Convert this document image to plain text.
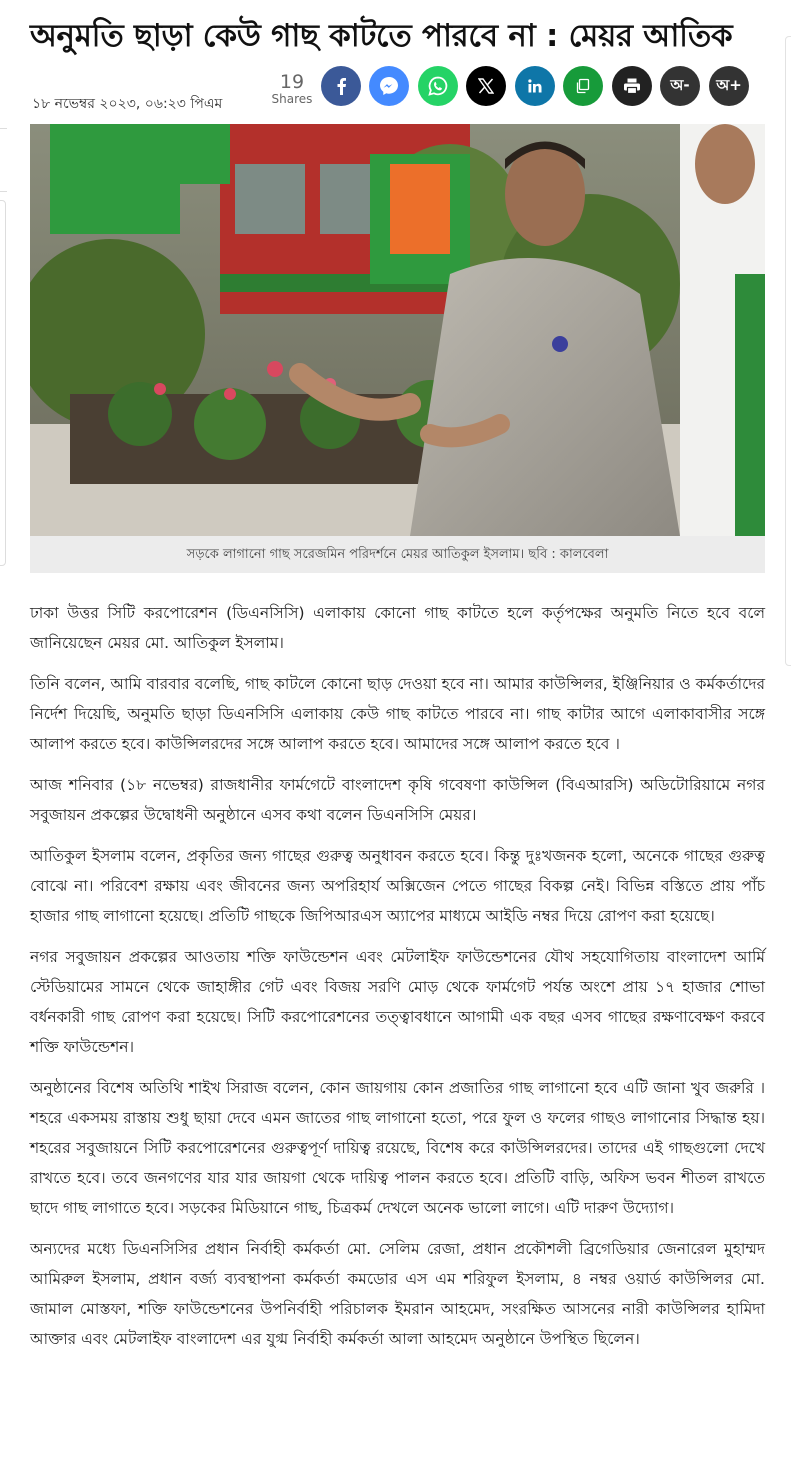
অনুমতি ছাড়া কেউ গাছ কাটতে পারবে না : মেয়র আতিক
১৮ নভেম্বর ২০২৩, ০৬:২৩ পিএম
19
Shares
অ-	অ+
সড়কে লাগানো গাছ সরেজমিন পরিদর্শনে মেয়র আতিকুল ইসলাম। ছবি : কালবেলা

ঢাকা উত্তর সিটি করপোরেশন (ডিএনসিসি) এলাকায় কোনো গাছ কাটতে হলে কর্তৃপক্ষের অনুমতি নিতে হবে বলে জানিয়েছেন মেয়র মো. আতিকুল ইসলাম।

তিনি বলেন, আমি বারবার বলেছি, গাছ কাটলে কোনো ছাড় দেওয়া হবে না। আমার কাউন্সিলর, ইঞ্জিনিয়ার ও কর্মকর্তাদের নির্দেশ দিয়েছি, অনুমতি ছাড়া ডিএনসিসি এলাকায় কেউ গাছ কাটতে পারবে না। গাছ কাটার আগে এলাকাবাসীর সঙ্গে আলাপ করতে হবে। কাউন্সিলরদের সঙ্গে আলাপ করতে হবে। আমাদের সঙ্গে আলাপ করতে হবে ।

আজ শনিবার (১৮ নভেম্বর) রাজধানীর ফার্মগেটে বাংলাদেশ কৃষি গবেষণা কাউন্সিল (বিএআরসি) অডিটোরিয়ামে নগর সবুজায়ন প্রকল্পের উদ্বোধনী অনুষ্ঠানে এসব কথা বলেন ডিএনসিসি মেয়র।

আতিকুল ইসলাম বলেন, প্রকৃতির জন্য গাছের গুরুত্ব অনুধাবন করতে হবে। কিন্তু দুঃখজনক হলো, অনেকে গাছের গুরুত্ব বোঝে না। পরিবেশ রক্ষায় এবং জীবনের জন্য অপরিহার্য অক্সিজেন পেতে গাছের বিকল্প নেই। বিভিন্ন বস্তিতে প্রায় পাঁচ হাজার গাছ লাগানো হয়েছে। প্রতিটি গাছকে জিপিআরএস অ্যাপের মাধ্যমে আইডি নম্বর দিয়ে রোপণ করা হয়েছে।

নগর সবুজায়ন প্রকল্পের আওতায় শক্তি ফাউন্ডেশন এবং মেটলাইফ ফাউন্ডেশনের যৌথ সহযোগিতায় বাংলাদেশ আর্মি স্টেডিয়ামের সামনে থেকে জাহাঙ্গীর গেট এবং বিজয় সরণি মোড় থেকে ফার্মগেট পর্যন্ত অংশে প্রায় ১৭ হাজার শোভা বর্ধনকারী গাছ রোপণ করা হয়েছে। সিটি করপোরেশনের তত্ত্বাবধানে আগামী এক বছর এসব গাছের রক্ষণাবেক্ষণ করবে শক্তি ফাউন্ডেশন।

অনুষ্ঠানের বিশেষ অতিথি শাইখ সিরাজ বলেন, কোন জায়গায় কোন প্রজাতির গাছ লাগানো হবে এটি জানা খুব জরুরি । শহরে একসময় রাস্তায় শুধু ছায়া দেবে এমন জাতের গাছ লাগানো হতো, পরে ফুল ও ফলের গাছও লাগানোর সিদ্ধান্ত হয়। শহরের সবুজায়নে সিটি করপোরেশনের গুরুত্বপূর্ণ দায়িত্ব রয়েছে, বিশেষ করে কাউন্সিলরদের। তাদের এই গাছগুলো দেখে রাখতে হবে। তবে জনগণের যার যার জায়গা থেকে দায়িত্ব পালন করতে হবে। প্রতিটি বাড়ি, অফিস ভবন শীতল রাখতে ছাদে গাছ লাগাতে হবে। সড়কের মিডিয়ানে গাছ, চিত্রকর্ম দেখলে অনেক ভালো লাগে। এটি দারুণ উদ্যোগ।

অন্যদের মধ্যে ডিএনসিসির প্রধান নির্বাহী কর্মকর্তা মো. সেলিম রেজা, প্রধান প্রকৌশলী ব্রিগেডিয়ার জেনারেল মুহাম্মদ আমিরুল ইসলাম, প্রধান বর্জ্য ব্যবস্থাপনা কর্মকর্তা কমডোর এস এম শরিফুল ইসলাম, ৪ নম্বর ওয়ার্ড কাউন্সিলর মো. জামাল মোস্তফা, শক্তি ফাউন্ডেশনের উপনির্বাহী পরিচালক ইমরান আহমেদ, সংরক্ষিত আসনের নারী কাউন্সিলর হামিদা আক্তার এবং মেটলাইফ বাংলাদেশ এর যুগ্ম নির্বাহী কর্মকর্তা আলা আহমেদ অনুষ্ঠানে উপস্থিত ছিলেন।
